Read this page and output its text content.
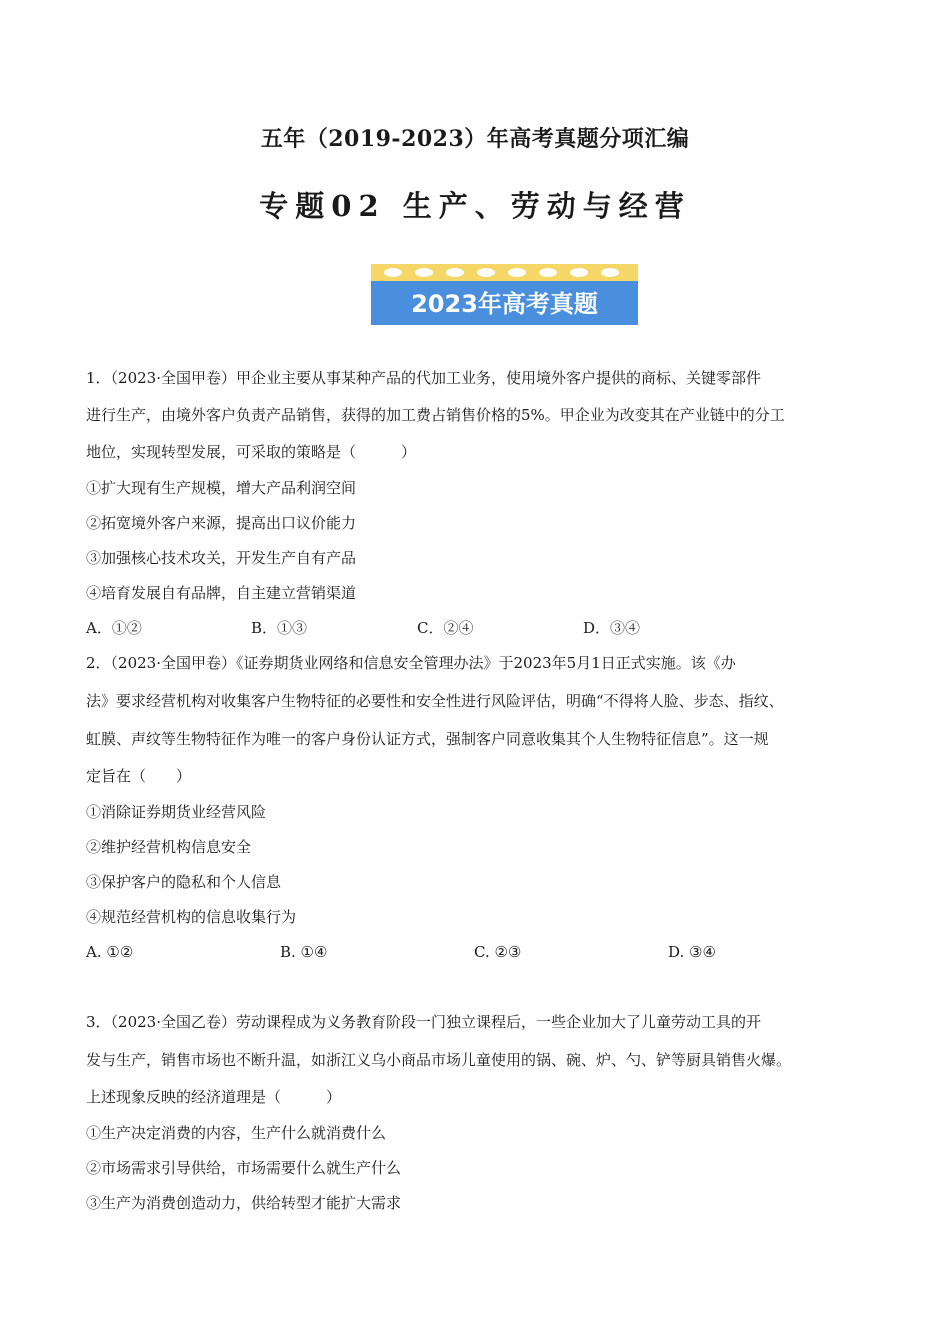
五年（2019-2023）年高考真题分项汇编
专题02 生产、劳动与经营
2023年高考真题
1．（2023·全国甲卷）甲企业主要从事某种产品的代加工业务，使用境外客户提供的商标、关键零部件
进行生产，由境外客户负责产品销售，获得的加工费占销售价格的5%。甲企业为改变其在产业链中的分工
地位，实现转型发展，可采取的策略是（　　　）
①扩大现有生产规模，增大产品利润空间
②拓宽境外客户来源，提高出口议价能力
③加强核心技术攻关，开发生产自有产品
④培育发展自有品牌，自主建立营销渠道
A．①②	B．①③	C．②④	D．③④
2．（2023·全国甲卷）《证券期货业网络和信息安全管理办法》于2023年5月1日正式实施。该《办
法》要求经营机构对收集客户生物特征的必要性和安全性进行风险评估，明确“不得将人脸、步态、指纹、
虹膜、声纹等生物特征作为唯一的客户身份认证方式，强制客户同意收集其个人生物特征信息”。这一规
定旨在（　　）
①消除证券期货业经营风险
②维护经营机构信息安全
③保护客户的隐私和个人信息
④规范经营机构的信息收集行为
A. ①②	B. ①④	C. ②③	D. ③④
3．（2023·全国乙卷）劳动课程成为义务教育阶段一门独立课程后，一些企业加大了儿童劳动工具的开
发与生产，销售市场也不断升温，如浙江义乌小商品市场儿童使用的锅、碗、炉、勺、铲等厨具销售火爆。
上述现象反映的经济道理是（　　　）
①生产决定消费的内容，生产什么就消费什么
②市场需求引导供给，市场需要什么就生产什么
③生产为消费创造动力，供给转型才能扩大需求
